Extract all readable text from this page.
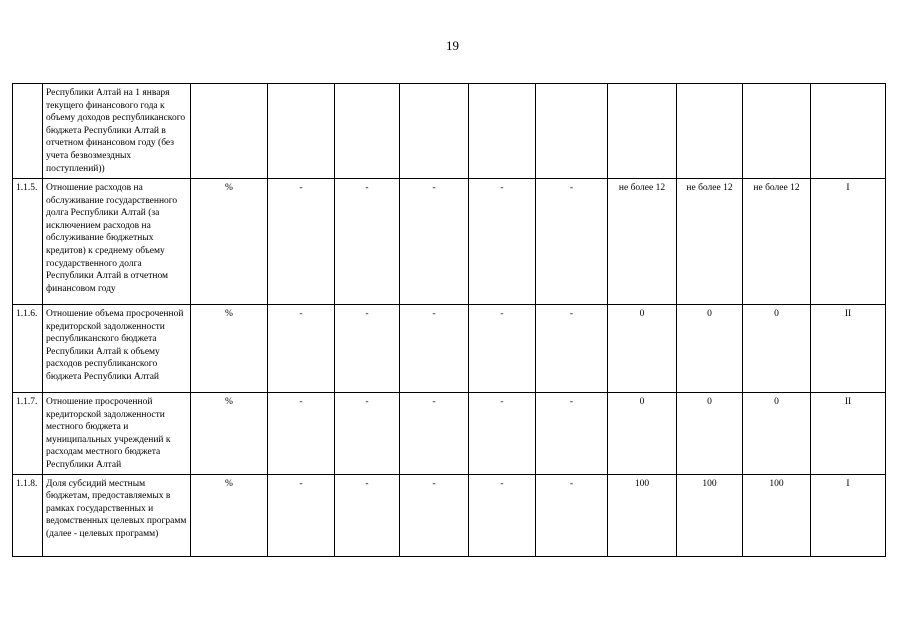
19
	Республики Алтай на 1 января текущего финансового года к объему доходов республиканского бюджета Республики Алтай в отчетном финансовом году (без учета безвозмездных поступлений))										
1.1.5.	Отношение расходов на обслуживание государственного долга Республики Алтай (за исключением расходов на обслуживание бюджетных кредитов) к среднему объему государственного долга Республики Алтай в отчетном финансовом году	%	-	-	-	-	-	не более 12	не более 12	не более 12	I
1.1.6.	Отношение объема просроченной кредиторской задолженности республиканского бюджета Республики Алтай к объему расходов республиканского бюджета Республики Алтай	%	-	-	-	-	-	0	0	0	II
1.1.7.	Отношение просроченной кредиторской задолженности местного бюджета и муниципальных учреждений к расходам местного бюджета Республики Алтай	%	-	-	-	-	-	0	0	0	II
1.1.8.	Доля субсидий местным бюджетам, предоставляемых в рамках государственных и ведомственных целевых программ (далее - целевых программ)	%	-	-	-	-	-	100	100	100	I
